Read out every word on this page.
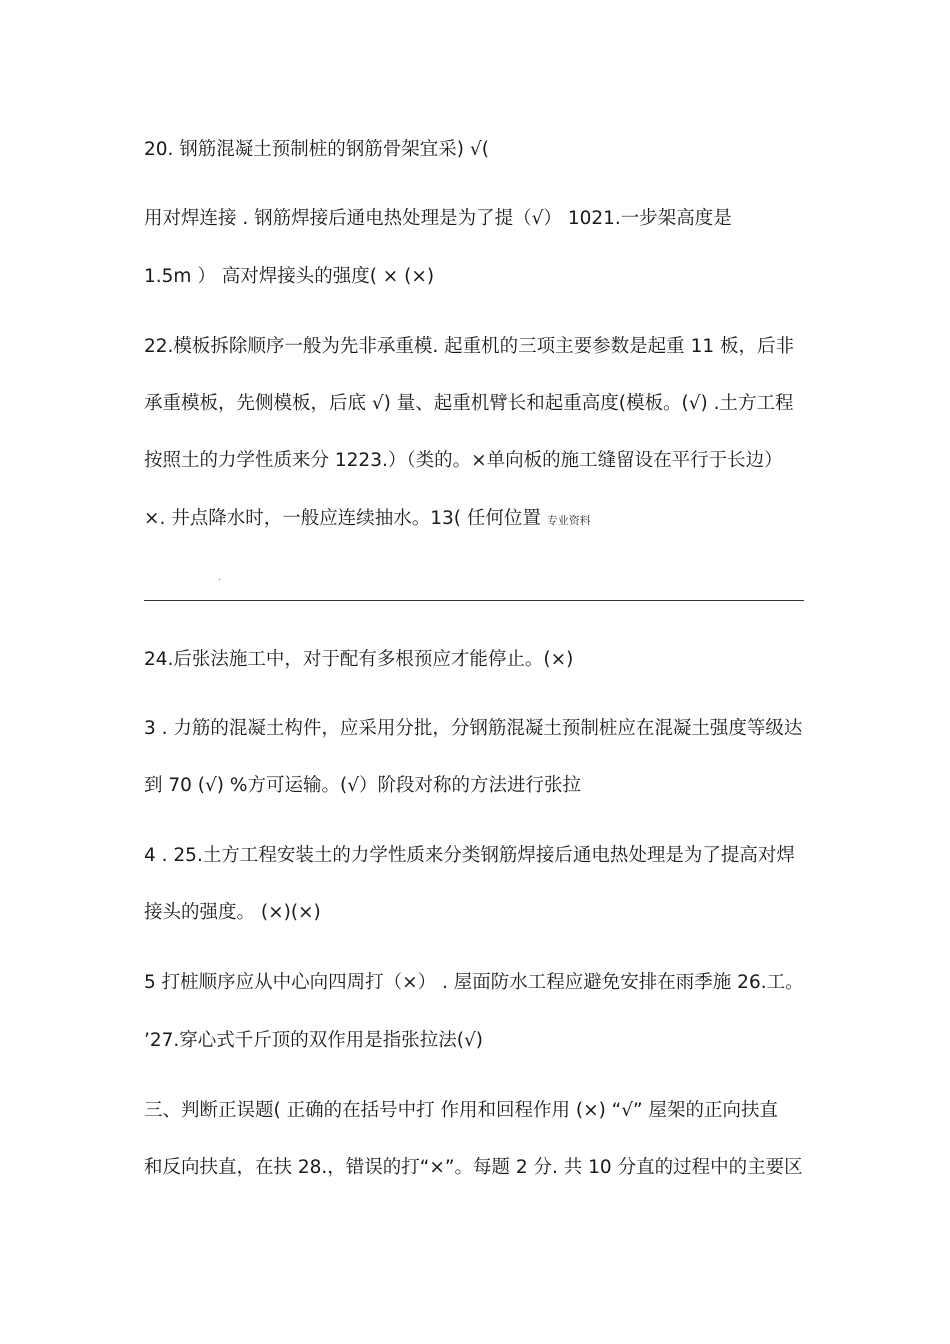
20. 钢筋混凝土预制桩的钢筋骨架宜采) √(
用对焊连接 . 钢筋焊接后通电热处理是为了提（√） 1021.一步架高度是
1.5m ） 高对焊接头的强度( × (×)
22.模板拆除顺序一般为先非承重模. 起重机的三项主要参数是起重 11 板，后非
承重模板，先侧模板，后底 √) 量、起重机臂长和起重高度(模板。(√) .土方工程
按照土的力学性质来分 1223.）（类的。×单向板的施工缝留设在平行于长边）
×. 井点降水时，一般应连续抽水。13( 任何位置 专业资料
.
24.后张法施工中，对于配有多根预应才能停止。(×)
3 . 力筋的混凝土构件，应采用分批，分钢筋混凝土预制桩应在混凝土强度等级达
到 70 (√) %方可运输。(√）阶段对称的方法进行张拉
4 . 25.土方工程安装土的力学性质来分类钢筋焊接后通电热处理是为了提高对焊
接头的强度。 (×)(×)
5 打桩顺序应从中心向四周打（×） . 屋面防水工程应避免安排在雨季施 26.工。
’27.穿心式千斤顶的双作用是指张拉法(√)
三、判断正误题( 正确的在括号中打 作用和回程作用 (×) “√” 屋架的正向扶直
和反向扶直，在扶 28.，错误的打“×”。每题 2 分. 共 10 分直的过程中的主要区
